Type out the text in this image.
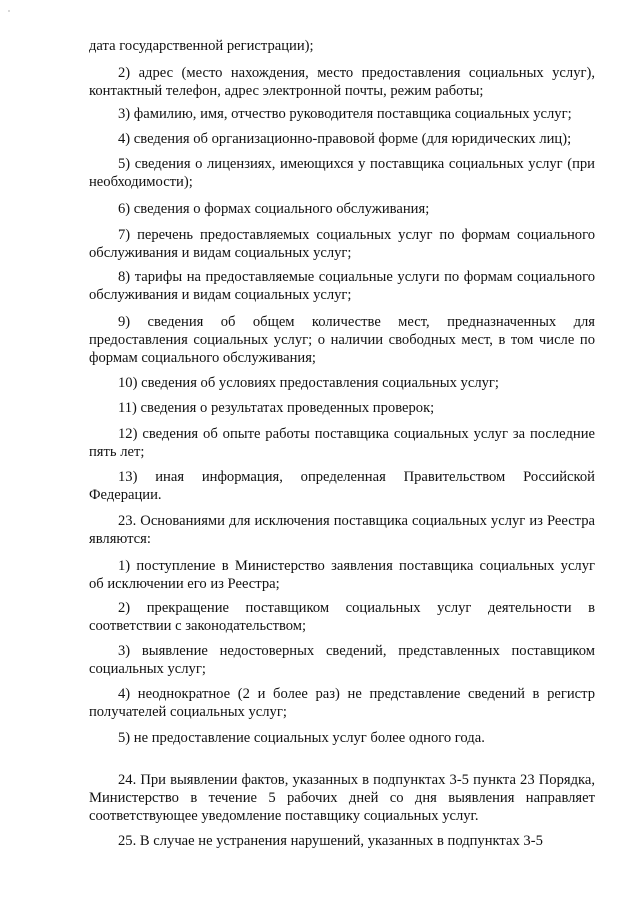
дата государственной регистрации);

2) адрес (место нахождения, место предоставления социальных услуг), контактный телефон, адрес электронной почты, режим работы;

3) фамилию, имя, отчество руководителя поставщика социальных услуг;

4) сведения об организационно-правовой форме (для юридических лиц);

5) сведения о лицензиях, имеющихся у поставщика социальных услуг (при необходимости);

6) сведения о формах социального обслуживания;

7) перечень предоставляемых социальных услуг по формам социального обслуживания и видам социальных услуг;

8) тарифы на предоставляемые социальные услуги по формам социального обслуживания и видам социальных услуг;

9) сведения об общем количестве мест, предназначенных для предоставления социальных услуг; о наличии свободных мест, в том числе по формам социального обслуживания;

10) сведения об условиях предоставления социальных услуг;

11) сведения о результатах проведенных проверок;

12) сведения об опыте работы поставщика социальных услуг за последние пять лет;

13) иная информация, определенная Правительством Российской Федерации.

23. Основаниями для исключения поставщика социальных услуг из Реестра являются:

1) поступление в Министерство заявления поставщика социальных услуг об исключении его из Реестра;

2) прекращение поставщиком социальных услуг деятельности в соответствии с законодательством;

3) выявление недостоверных сведений, представленных поставщиком социальных услуг;

4) неоднократное (2 и более раз) не представление сведений в регистр получателей социальных услуг;

5) не предоставление социальных услуг более одного года.

24. При выявлении фактов, указанных в подпунктах 3-5 пункта 23 Порядка, Министерство в течение 5 рабочих дней со дня выявления направляет соответствующее уведомление поставщику социальных услуг.

25. В случае не устранения нарушений, указанных в подпунктах 3-5
